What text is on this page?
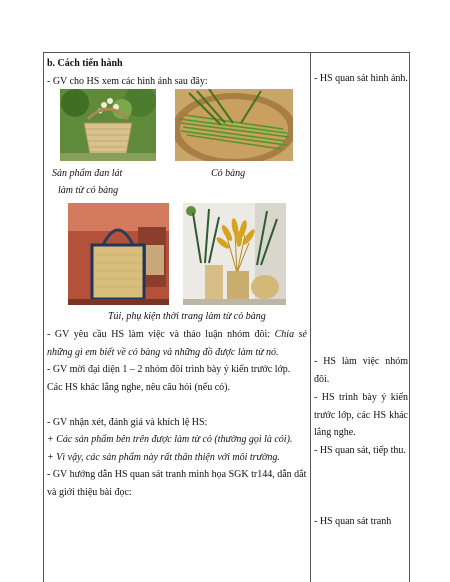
b. Cách tiến hành

- GV cho HS xem các hình ảnh sau đây:

Sản phẩm đan lát

làm từ cỏ bàng

Cỏ bàng
Túi, phụ kiện thời trang làm từ cỏ bàng

- GV yêu cầu HS làm việc và thảo luận nhóm đôi: Chia sẻ những gì em biết về cỏ bàng và những đồ được làm từ nó.

- GV mời đại diện 1 – 2 nhóm đôi trình bày ý kiến trước lớp. Các HS khác lắng nghe, nêu câu hỏi (nếu có).

- GV nhận xét, đánh giá và khích lệ HS:

+ Các sản phẩm bên trên được làm từ cỏ (thường gọi là cói).

+ Vì vậy, các sản phẩm này rất thân thiện với môi trường.

- GV hướng dẫn HS quan sát tranh minh họa SGK tr144, dẫn dắt và giới thiệu bài đọc:

- HS quan sát hình ảnh.
- HS làm việc nhóm đôi.
- HS trình bày ý kiến trước lớp, các HS khác lắng nghe.
- HS quan sát, tiếp thu.
- HS quan sát tranh
